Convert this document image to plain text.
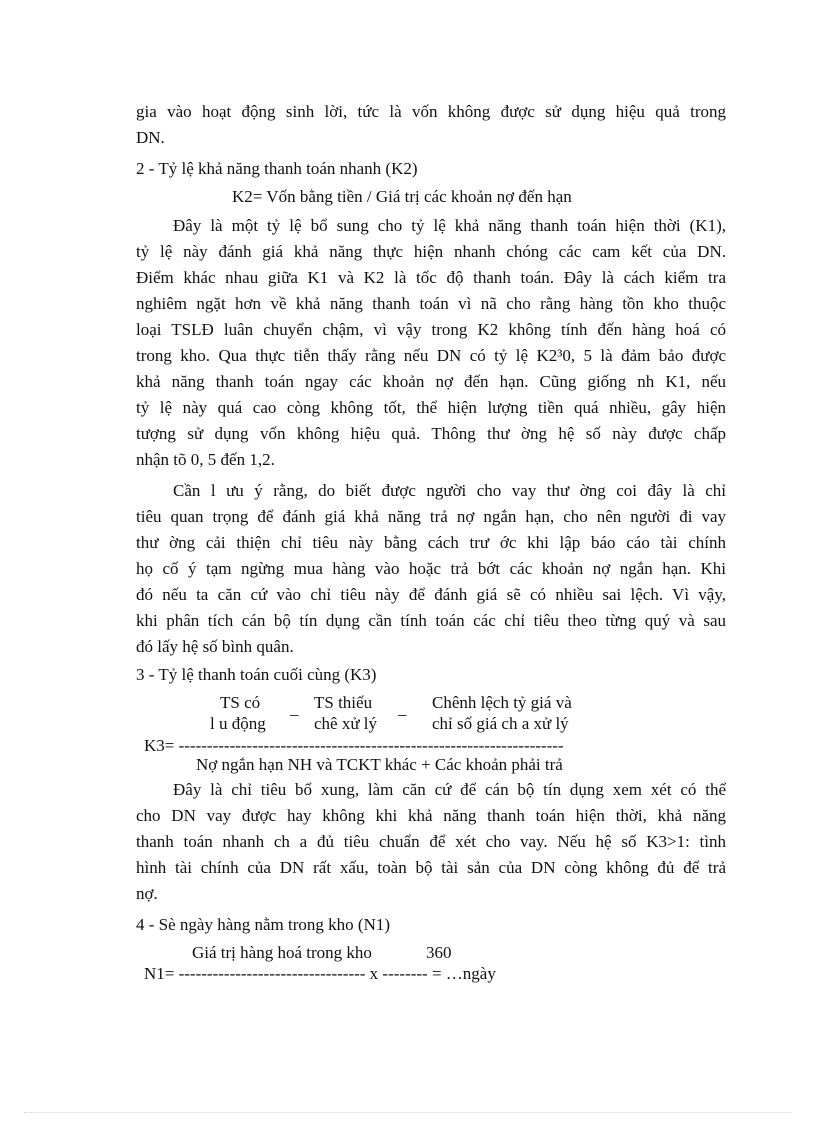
gia vào hoạt động sinh lời, tức là vốn không được sử dụng hiệu quả trong
DN.
2 - Tỷ lệ khả năng thanh toán nhanh (K2)
K2= Vốn bằng tiền / Giá trị các khoản nợ đến hạn
Đây là một tỷ lệ bổ sung cho tỷ lệ khả năng thanh toán hiện thời (K1),
tỷ lệ này đánh giá khả năng thực hiện nhanh chóng các cam kết của DN.
Điểm khác nhau giữa K1 và K2 là tốc độ thanh toán. Đây là cách kiểm tra
nghiêm ngặt hơn về khả năng thanh toán vì nã cho rằng hàng tồn kho thuộc
loại TSLĐ luân chuyển chậm, vì vậy trong K2 không tính đến hàng hoá có
trong kho. Qua thực tiễn thấy rằng nếu DN có tỷ lệ K2³0, 5 là đảm bảo được
khả năng thanh toán ngay các khoản nợ đến hạn. Cũng giống nh K1, nếu
tỷ lệ này quá cao còng không tốt, thể hiện lượng tiền quá nhiều, gây hiện
tượng sử dụng vốn không hiệu quả. Thông thư ờng hệ số này được chấp
nhận tõ 0, 5 đến 1,2.
Cần l ưu ý rằng, do biết được người cho vay thư ờng coi đây là chỉ
tiêu quan trọng để đánh giá khả năng trả nợ ngắn hạn, cho nên người đi vay
thư ờng cải thiện chỉ tiêu này bằng cách trư ớc khi lập báo cáo tài chính
họ cố ý tạm ngừng mua hàng vào hoặc trả bớt các khoản nợ ngắn hạn. Khi
đó nếu ta căn cứ vào chỉ tiêu này để đánh giá sẽ có nhiều sai lệch. Vì vậy,
khi phân tích cán bộ tín dụng cần tính toán các chỉ tiêu theo từng quý và sau
đó lấy hệ số bình quân.
3 - Tỷ lệ thanh toán cuối cùng (K3)
TS có
l u động
_ TS thiếu
chê xử lý
_ Chênh lệch tỷ giá và
chỉ số giá ch a xử lý
K3= --------------------------------------------------------------------
Nợ ngắn hạn NH và TCKT khác + Các khoản phải trả
Đây là chỉ tiêu bổ xung, làm căn cứ để cán bộ tín dụng xem xét có thể
cho DN vay được hay không khi khả năng thanh toán hiện thời, khả năng
thanh toán nhanh ch a đủ tiêu chuẩn để xét cho vay. Nếu hệ số K3>1: tình
hình tài chính của DN rất xấu, toàn bộ tài sản của DN còng không đủ để trả
nợ.
4 - Sè ngày hàng nằm trong kho (N1)
Giá trị hàng hoá trong kho	360
N1= --------------------------------- x -------- = …ngày
